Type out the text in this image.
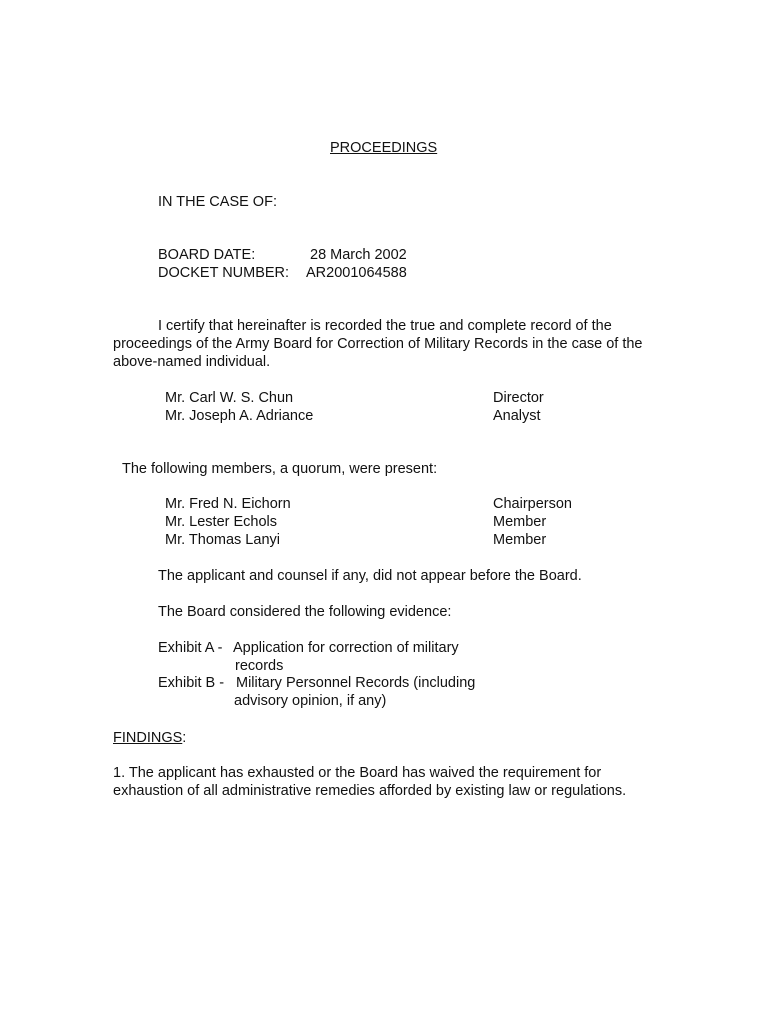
PROCEEDINGS
IN THE CASE OF:
BOARD DATE:	28 March 2002
DOCKET NUMBER: AR2001064588
I certify that hereinafter is recorded the true and complete record of the proceedings of the Army Board for Correction of Military Records in the case of the above-named individual.
Mr. Carl W. S. Chun	Director
Mr. Joseph A. Adriance	Analyst
The following members, a quorum, were present:
Mr. Fred N. Eichorn	Chairperson
Mr. Lester Echols	Member
Mr. Thomas Lanyi	Member
The applicant and counsel if any, did not appear before the Board.
The Board considered the following evidence:
Exhibit A - Application for correction of military
records
Exhibit B - Military Personnel Records (including
advisory opinion, if any)
FINDINGS:
1. The applicant has exhausted or the Board has waived the requirement for exhaustion of all administrative remedies afforded by existing law or regulations.
